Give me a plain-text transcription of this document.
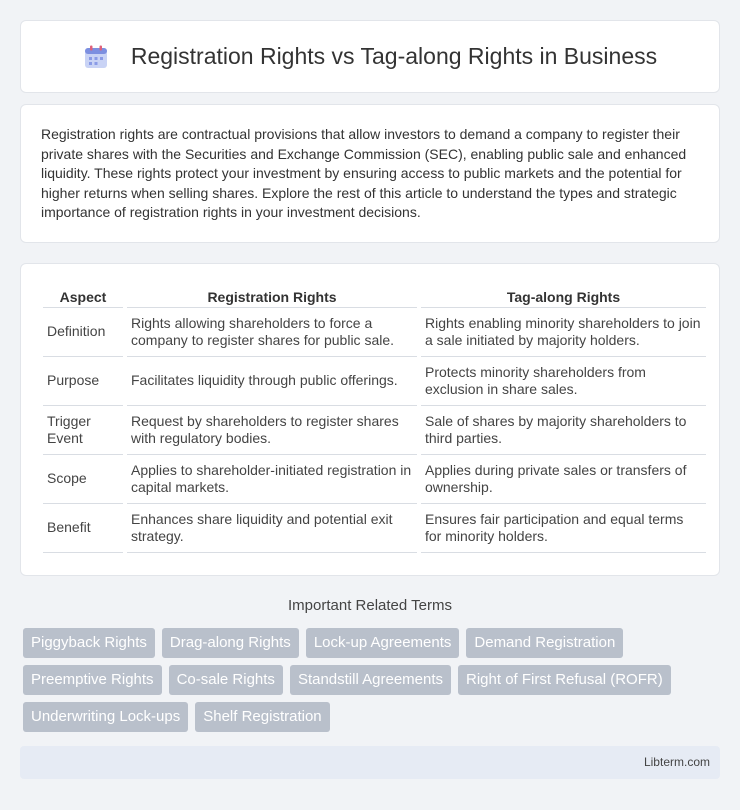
Registration Rights vs Tag-along Rights in Business

Registration rights are contractual provisions that allow investors to demand a company to register their private shares with the Securities and Exchange Commission (SEC), enabling public sale and enhanced liquidity. These rights protect your investment by ensuring access to public markets and the potential for higher returns when selling shares. Explore the rest of this article to understand the types and strategic importance of registration rights in your investment decisions.

Aspect	Registration Rights	Tag-along Rights
Definition	Rights allowing shareholders to force a company to register shares for public sale.	Rights enabling minority shareholders to join a sale initiated by majority holders.
Purpose	Facilitates liquidity through public offerings.	Protects minority shareholders from exclusion in share sales.
Trigger Event	Request by shareholders to register shares with regulatory bodies.	Sale of shares by majority shareholders to third parties.
Scope	Applies to shareholder-initiated registration in capital markets.	Applies during private sales or transfers of ownership.
Benefit	Enhances share liquidity and potential exit strategy.	Ensures fair participation and equal terms for minority holders.
Important Related Terms
Piggyback Rights	Drag-along Rights	Lock-up Agreements	Demand Registration
Preemptive Rights	Co-sale Rights	Standstill Agreements	Right of First Refusal (ROFR)
Underwriting Lock-ups	Shelf Registration
Libterm.com
